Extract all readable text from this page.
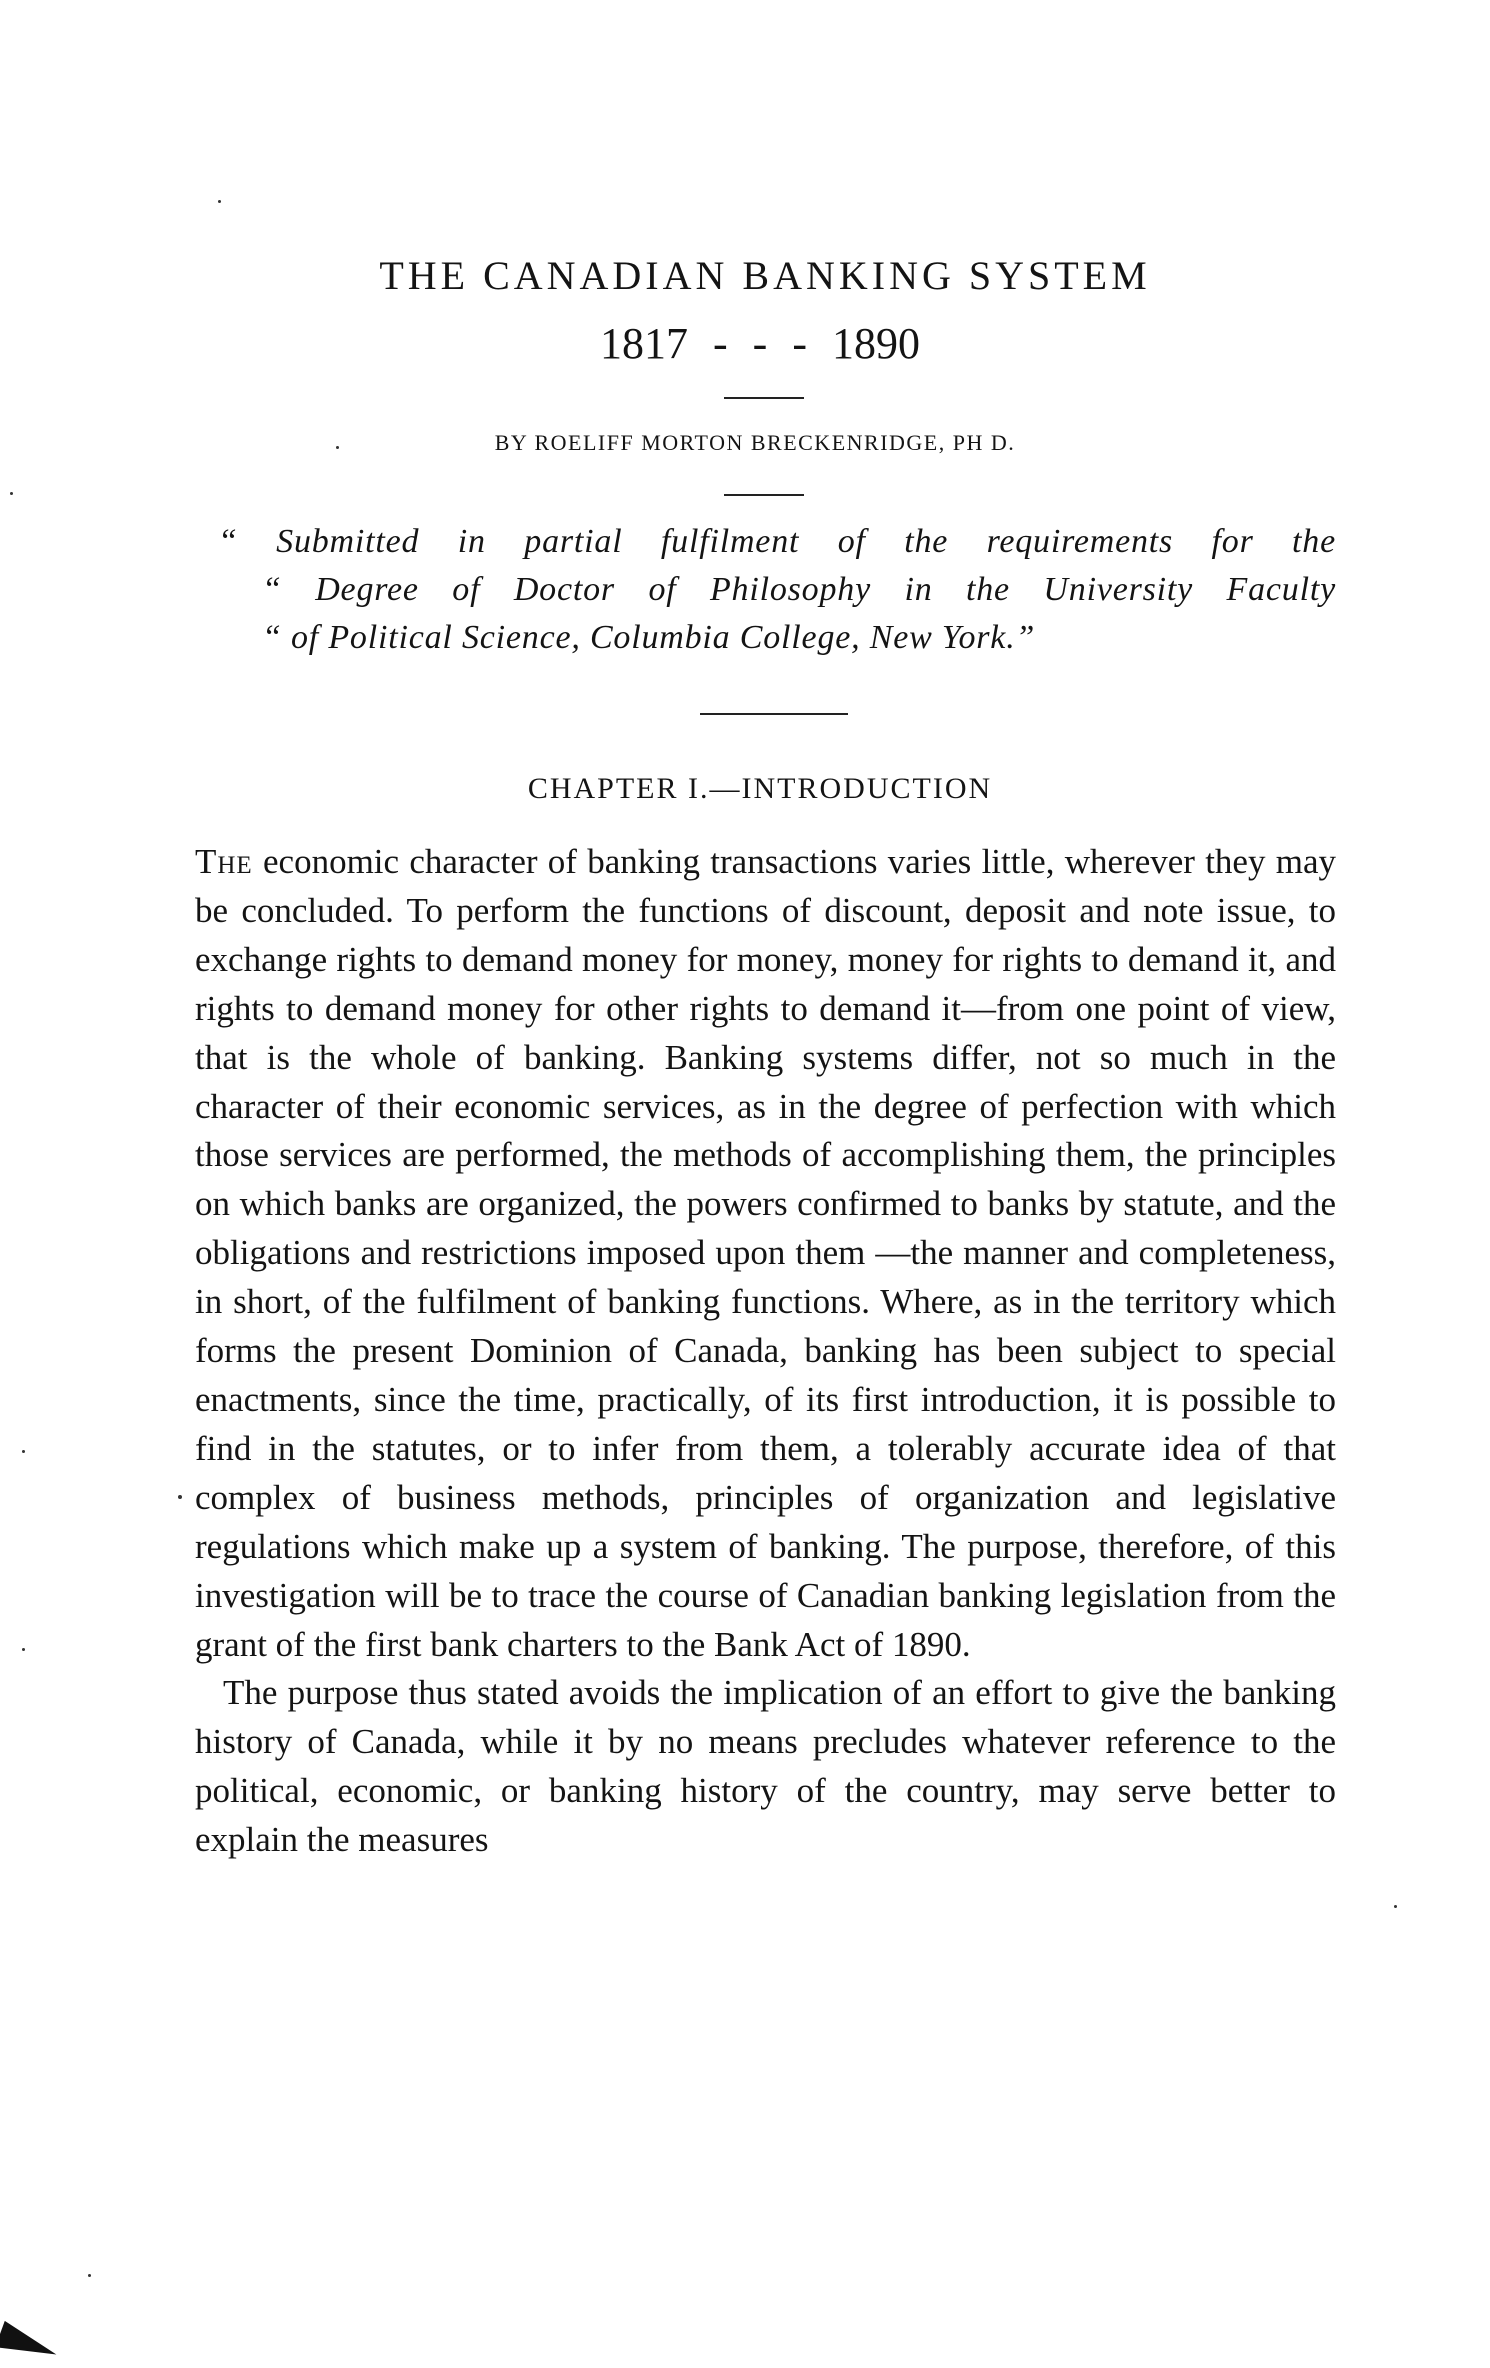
THE CANADIAN BANKING SYSTEM
1817 - - - 1890
BY ROELIFF MORTON BRECKENRIDGE, PH D.
“ Submitted in partial fulfilment of the requirements for the
“ Degree of Doctor of Philosophy in the University Faculty
“ of Political Science, Columbia College, New York.”
CHAPTER I.—INTRODUCTION

The economic character of banking transactions varies little, wherever they may be concluded. To perform the functions of discount, deposit and note issue, to exchange rights to demand money for money, money for rights to demand it, and rights to demand money for other rights to demand it—from one point of view, that is the whole of banking. Banking systems differ, not so much in the character of their economic services, as in the degree of perfection with which those services are performed, the methods of accomplishing them, the principles on which banks are organized, the powers confirmed to banks by statute, and the obligations and restrictions imposed upon them —the manner and completeness, in short, of the fulfilment of banking functions. Where, as in the territory which forms the present Dominion of Canada, banking has been subject to special enactments, since the time, practically, of its first introduction, it is possible to find in the statutes, or to infer from them, a tolerably accurate idea of that complex of business methods, principles of organization and legislative regulations which make up a system of banking. The purpose, therefore, of this investigation will be to trace the course of Canadian banking legislation from the grant of the first bank charters to the Bank Act of 1890.

The purpose thus stated avoids the implication of an effort to give the banking history of Canada, while it by no means precludes whatever reference to the political, economic, or banking history of the country, may serve better to explain the measures
